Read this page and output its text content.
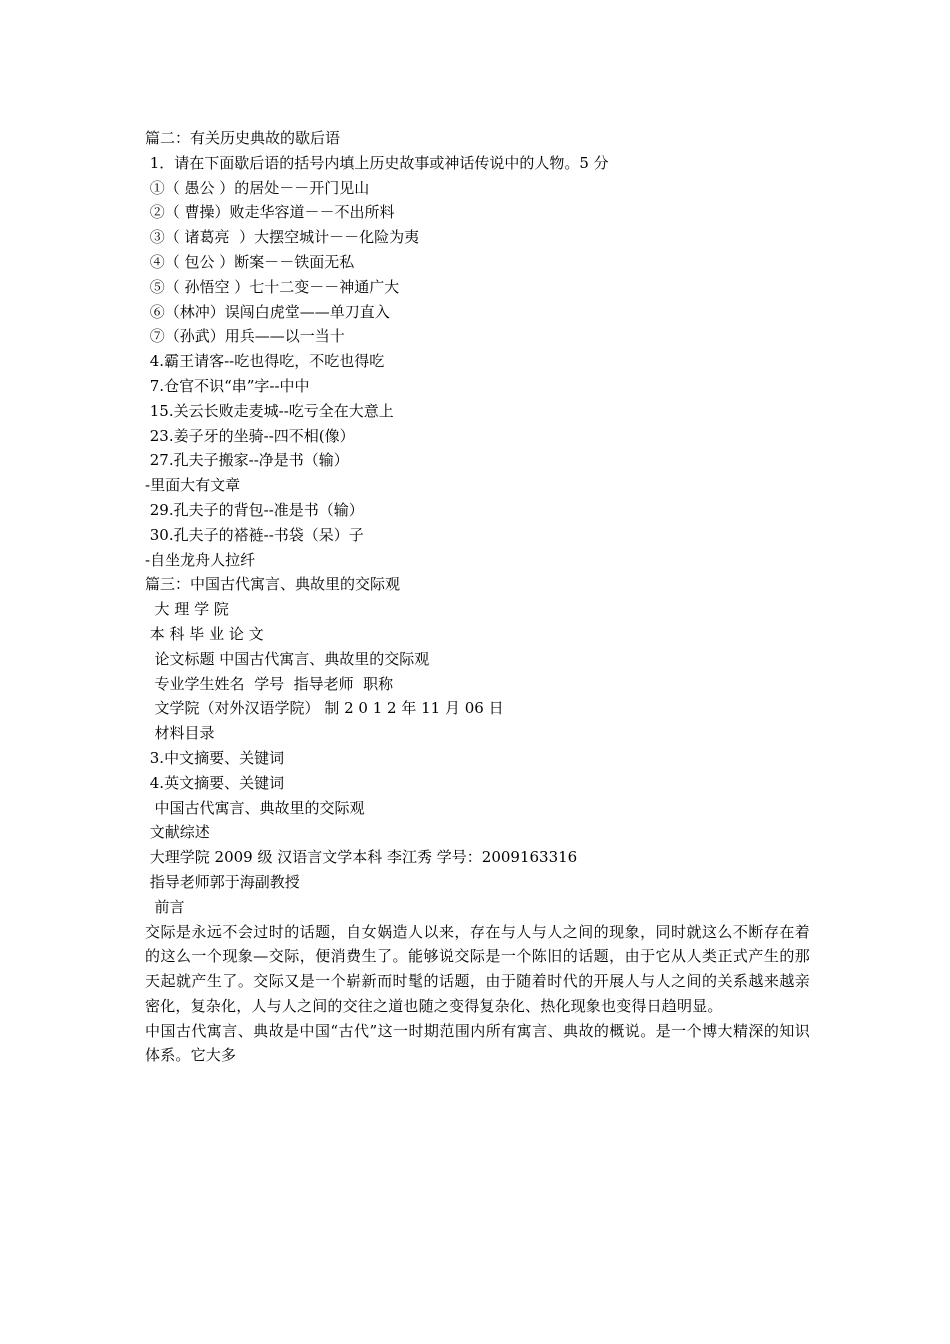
篇二：有关历史典故的歇后语
1．请在下面歇后语的括号内填上历史故事或神话传说中的人物。5 分
①（ 愚公 ）的居处－－开门见山
②（ 曹操）败走华容道－－不出所料
③（ 诸葛亮  ）大摆空城计－－化险为夷
④（ 包公 ）断案－－铁面无私
⑤（ 孙悟空 ）七十二变－－神通广大
⑥（林冲）误闯白虎堂——单刀直入
⑦（孙武）用兵——以一当十
4.霸王请客--吃也得吃，不吃也得吃
7.仓官不识“串”字--中中
15.关云长败走麦城--吃亏全在大意上
23.姜子牙的坐骑--四不相(像）
27.孔夫子搬家--净是书（输）
-里面大有文章
29.孔夫子的背包--准是书（输）
30.孔夫子的褡裢--书袋（呆）子
-自坐龙舟人拉纤
篇三：中国古代寓言、典故里的交际观
大 理 学 院
本 科 毕 业 论 文
论文标题 中国古代寓言、典故里的交际观
专业学生姓名  学号  指导老师  职称
文学院（对外汉语学院） 制 2 0 1 2 年 11 月 06 日
材料目录
3.中文摘要、关键词
4.英文摘要、关键词
中国古代寓言、典故里的交际观
文献综述
大理学院 2009 级 汉语言文学本科 李江秀 学号：2009163316
指导老师郭于海副教授
前言
交际是永远不会过时的话题，自女娲造人以来，存在与人与人之间的现象，同时就这么不断存在着的这么一个现象—交际，便消费生了。能够说交际是一个陈旧的话题，由于它从人类正式产生的那天起就产生了。交际又是一个崭新而时髦的话题，由于随着时代的开展人与人之间的关系越来越亲密化，复杂化，人与人之间的交往之道也随之变得复杂化、热化现象也变得日趋明显。
中国古代寓言、典故是中国“古代”这一时期范围内所有寓言、典故的概说。是一个博大精深的知识体系。它大多
